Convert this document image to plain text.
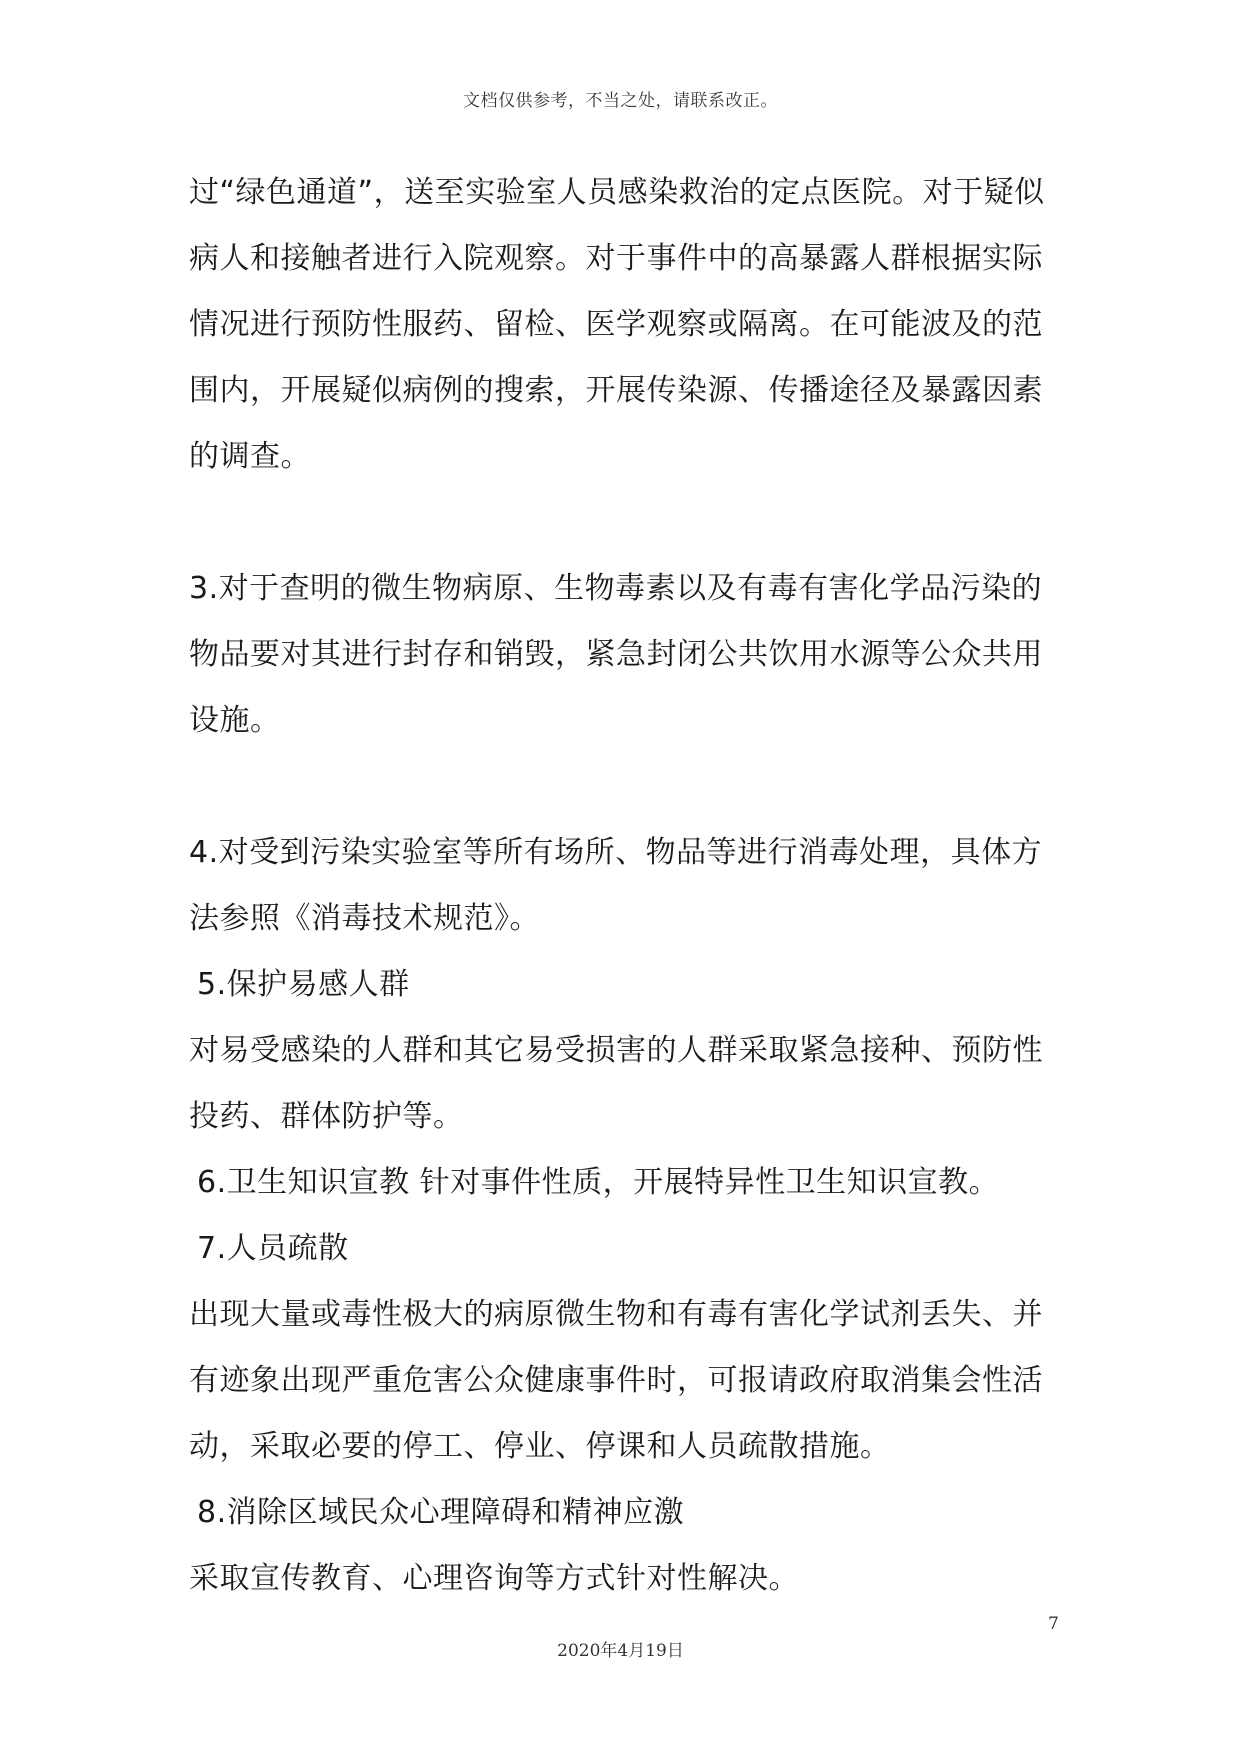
文档仅供参考，不当之处，请联系改正。

过“绿色通道”，送至实验室人员感染救治的定点医院。对于疑似病人和接触者进行入院观察。对于事件中的高暴露人群根据实际情况进行预防性服药、留检、医学观察或隔离。在可能波及的范围内，开展疑似病例的搜索，开展传染源、传播途径及暴露因素的调查。

3.对于查明的微生物病原、生物毒素以及有毒有害化学品污染的物品要对其进行封存和销毁，紧急封闭公共饮用水源等公众共用设施。

4.对受到污染实验室等所有场所、物品等进行消毒处理，具体方法参照《消毒技术规范》。

5.保护易感人群

对易受感染的人群和其它易受损害的人群采取紧急接种、预防性投药、群体防护等。

6.卫生知识宣教 针对事件性质，开展特异性卫生知识宣教。

7.人员疏散

出现大量或毒性极大的病原微生物和有毒有害化学试剂丢失、并有迹象出现严重危害公众健康事件时，可报请政府取消集会性活动，采取必要的停工、停业、停课和人员疏散措施。

8.消除区域民众心理障碍和精神应激

采取宣传教育、心理咨询等方式针对性解决。

7
2020年4月19日
